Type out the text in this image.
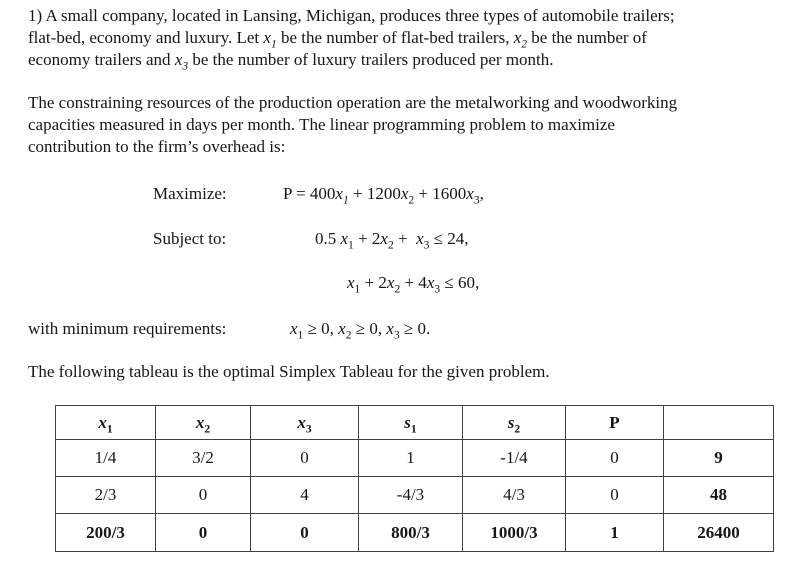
1) A small company, located in Lansing, Michigan, produces three types of automobile trailers;
flat-bed, economy and luxury. Let $x_1$ be the number of flat-bed trailers, $x_2$ be the number of
economy trailers and $x_3$ be the number of luxury trailers produced per month.
The constraining resources of the production operation are the metalworking and woodworking
capacities measured in days per month. The linear programming problem to maximize
contribution to the firm’s overhead is:
Maximize:	$P = 400x_1 + 1200x_2 + 1600x_3$,
Subject to:	0.5 $x_1 + 2x_2 + x_3 \le 24$,
$x_1 + 2x_2 + 4x_3 \le 60$,
with minimum requirements:	$x_1 \ge 0$, $x_2 \ge 0$, $x_3 \ge 0$.
The following tableau is the optimal Simplex Tableau for the given problem.
$x_1$	$x_2$	$x_3$	$s_1$	$s_2$	P	
1/4	3/2	0	1	-1/4	0	9
2/3	0	4	-4/3	4/3	0	48
200/3	0	0	800/3	1000/3	1	26400
